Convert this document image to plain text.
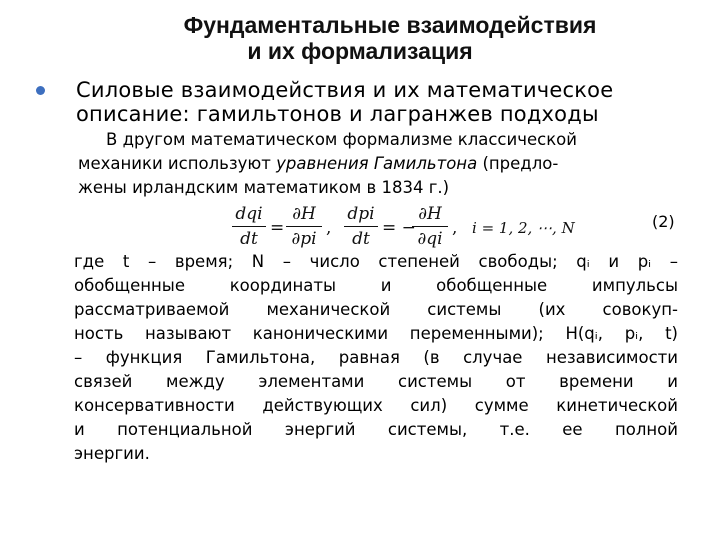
Фундаментальные взаимодействия
и их формализация
Силовые взаимодействия и их математическое
описание: гамильтонов и лагранжев подходы
В другом математическом формализме классической
механики используют уравнения Гамильтона (предло-
жены ирландским математиком в 1834 г.)
dqi
dt
=
∂H
∂pi
,
dpi
dt
= −
∂H
∂qi
, i = 1, 2, ⋯, N	(2)
где t – время; N – число степеней свободы; qᵢ и pᵢ –
обобщенные координаты и обобщенные импульсы
рассматриваемой механической системы (их совокуп-
ность называют каноническими переменными); H(qᵢ, pᵢ, t)
– функция Гамильтона, равная (в случае независимости
связей между элементами системы от времени и
консервативности действующих сил) сумме кинетической
и потенциальной энергий системы, т.е. ее полной
энергии.
